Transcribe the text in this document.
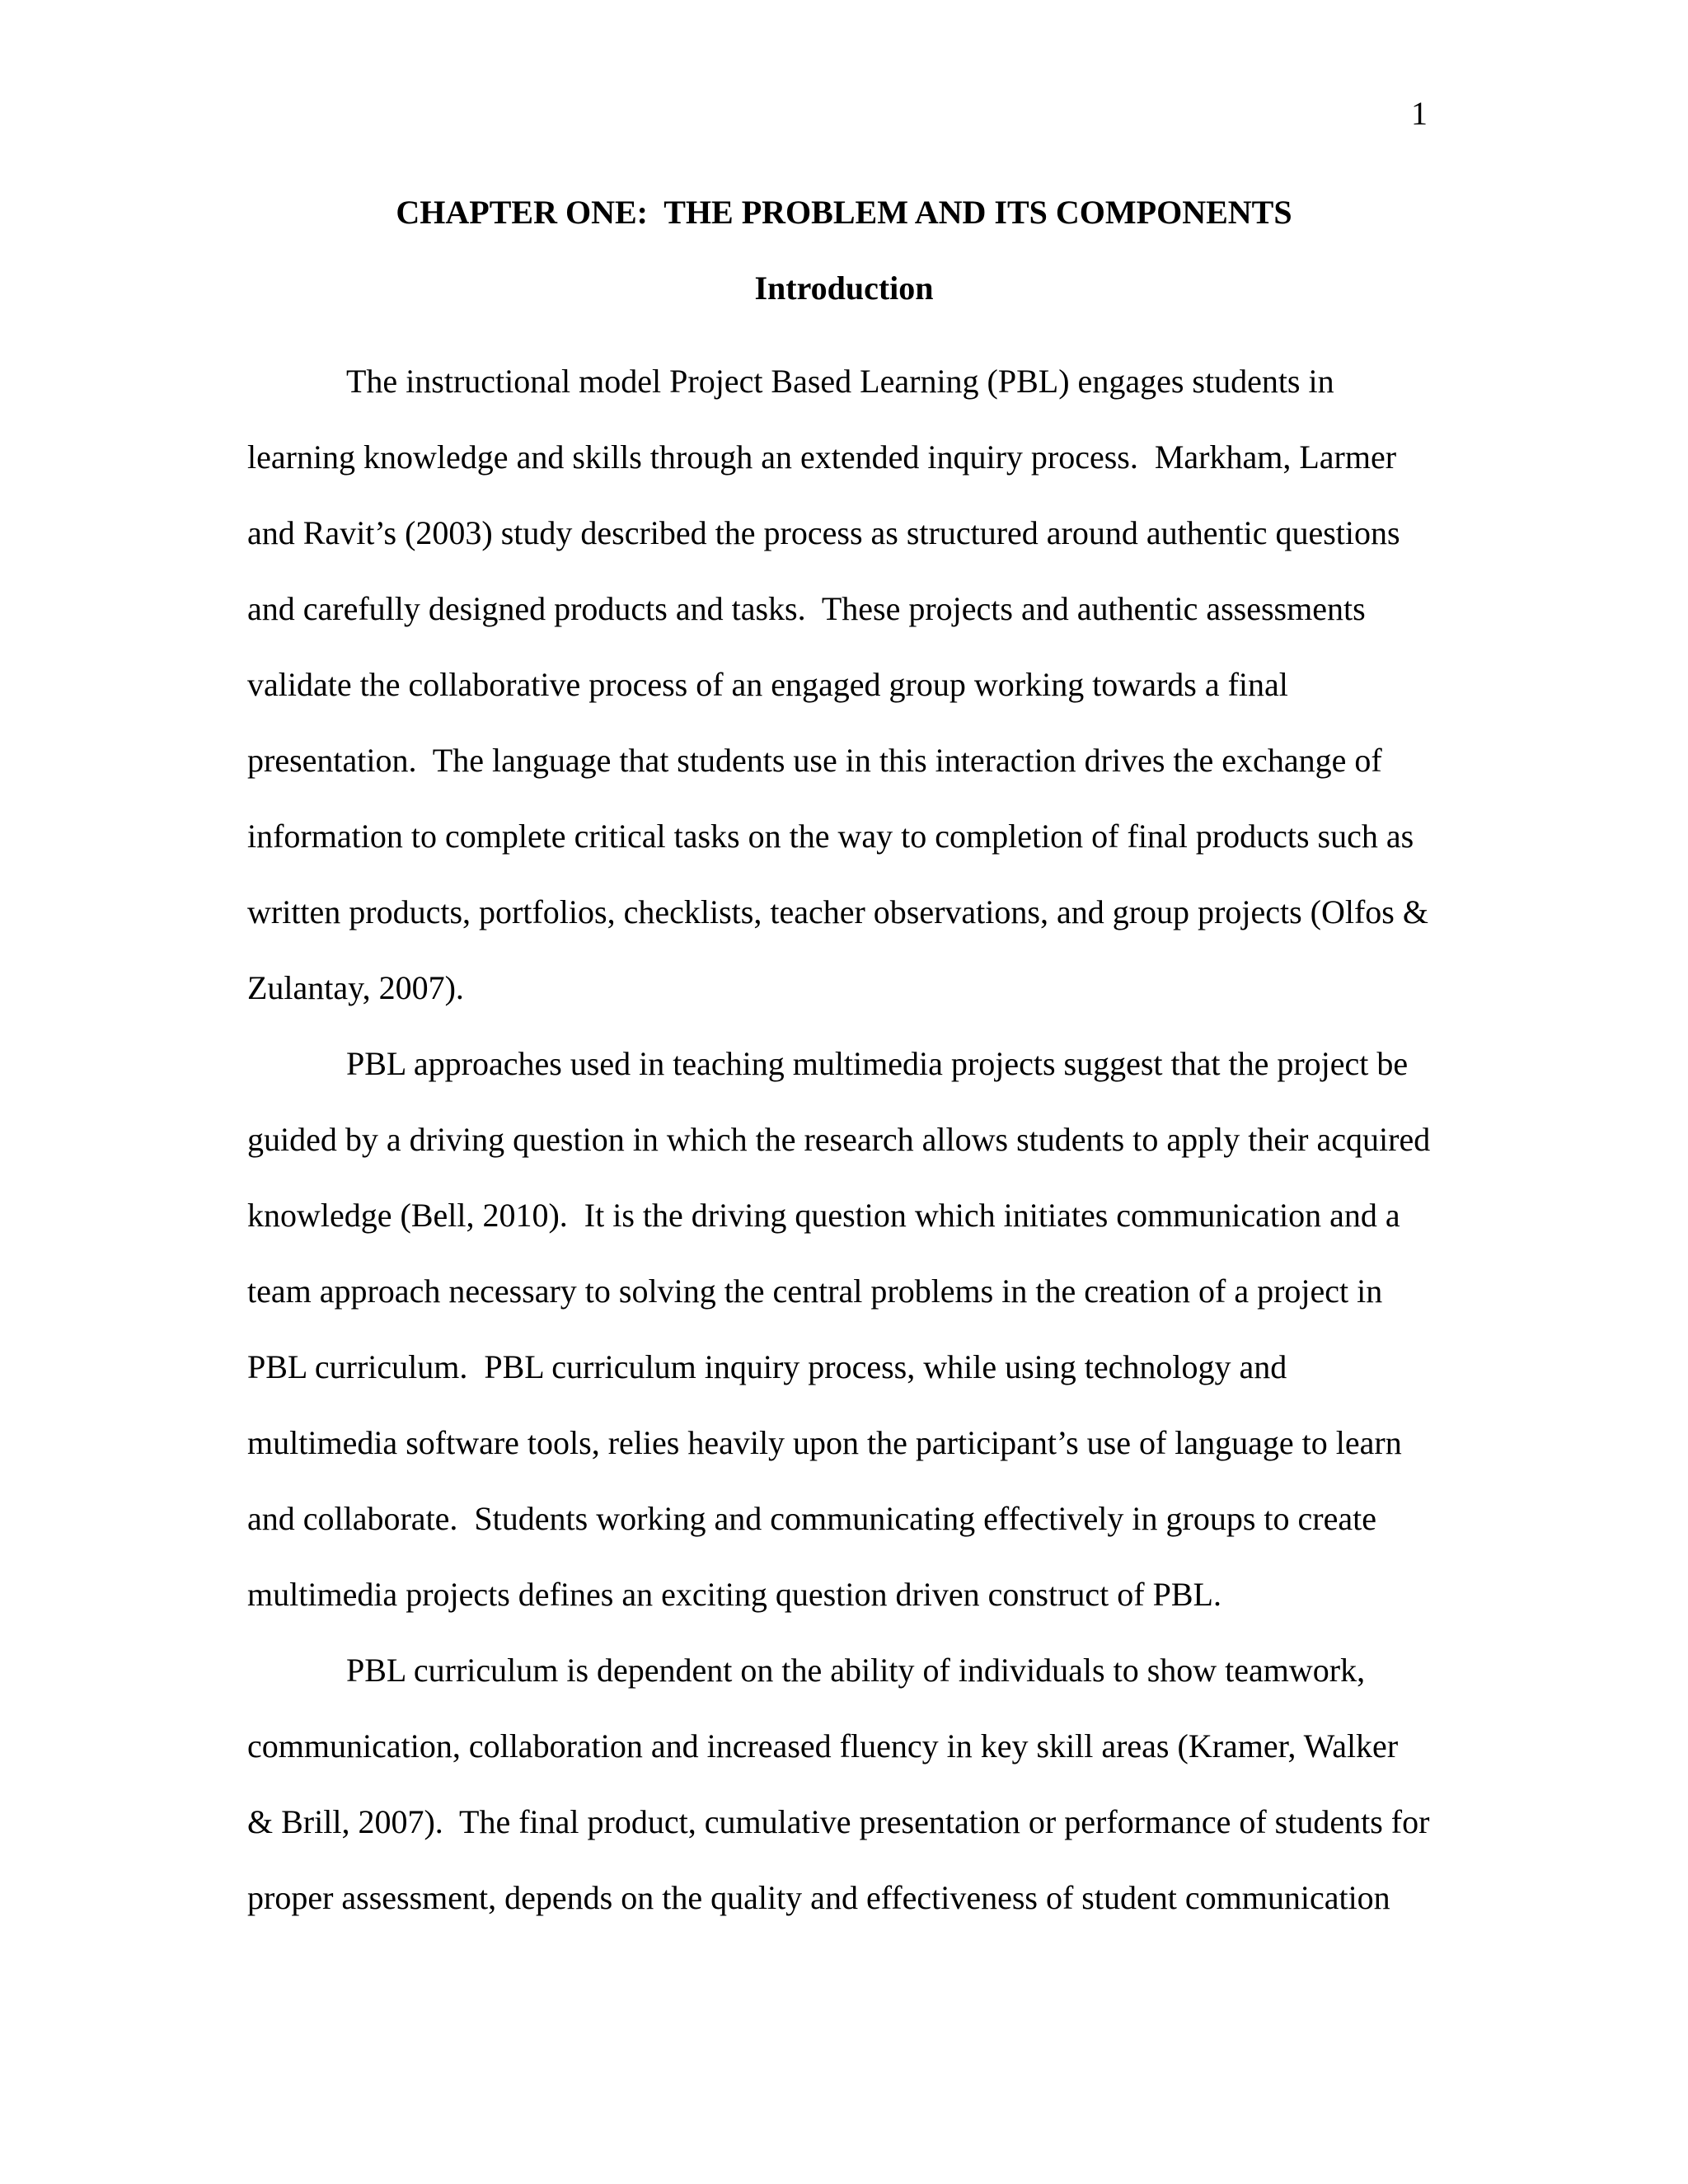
1
CHAPTER ONE:  THE PROBLEM AND ITS COMPONENTS
Introduction
The instructional model Project Based Learning (PBL) engages students in
learning knowledge and skills through an extended inquiry process.  Markham, Larmer
and Ravit’s (2003) study described the process as structured around authentic questions
and carefully designed products and tasks.  These projects and authentic assessments
validate the collaborative process of an engaged group working towards a final
presentation.  The language that students use in this interaction drives the exchange of
information to complete critical tasks on the way to completion of final products such as
written products, portfolios, checklists, teacher observations, and group projects (Olfos &
Zulantay, 2007).
PBL approaches used in teaching multimedia projects suggest that the project be
guided by a driving question in which the research allows students to apply their acquired
knowledge (Bell, 2010).  It is the driving question which initiates communication and a
team approach necessary to solving the central problems in the creation of a project in
PBL curriculum.  PBL curriculum inquiry process, while using technology and
multimedia software tools, relies heavily upon the participant’s use of language to learn
and collaborate.  Students working and communicating effectively in groups to create
multimedia projects defines an exciting question driven construct of PBL.
PBL curriculum is dependent on the ability of individuals to show teamwork,
communication, collaboration and increased fluency in key skill areas (Kramer, Walker
& Brill, 2007).  The final product, cumulative presentation or performance of students for
proper assessment, depends on the quality and effectiveness of student communication
